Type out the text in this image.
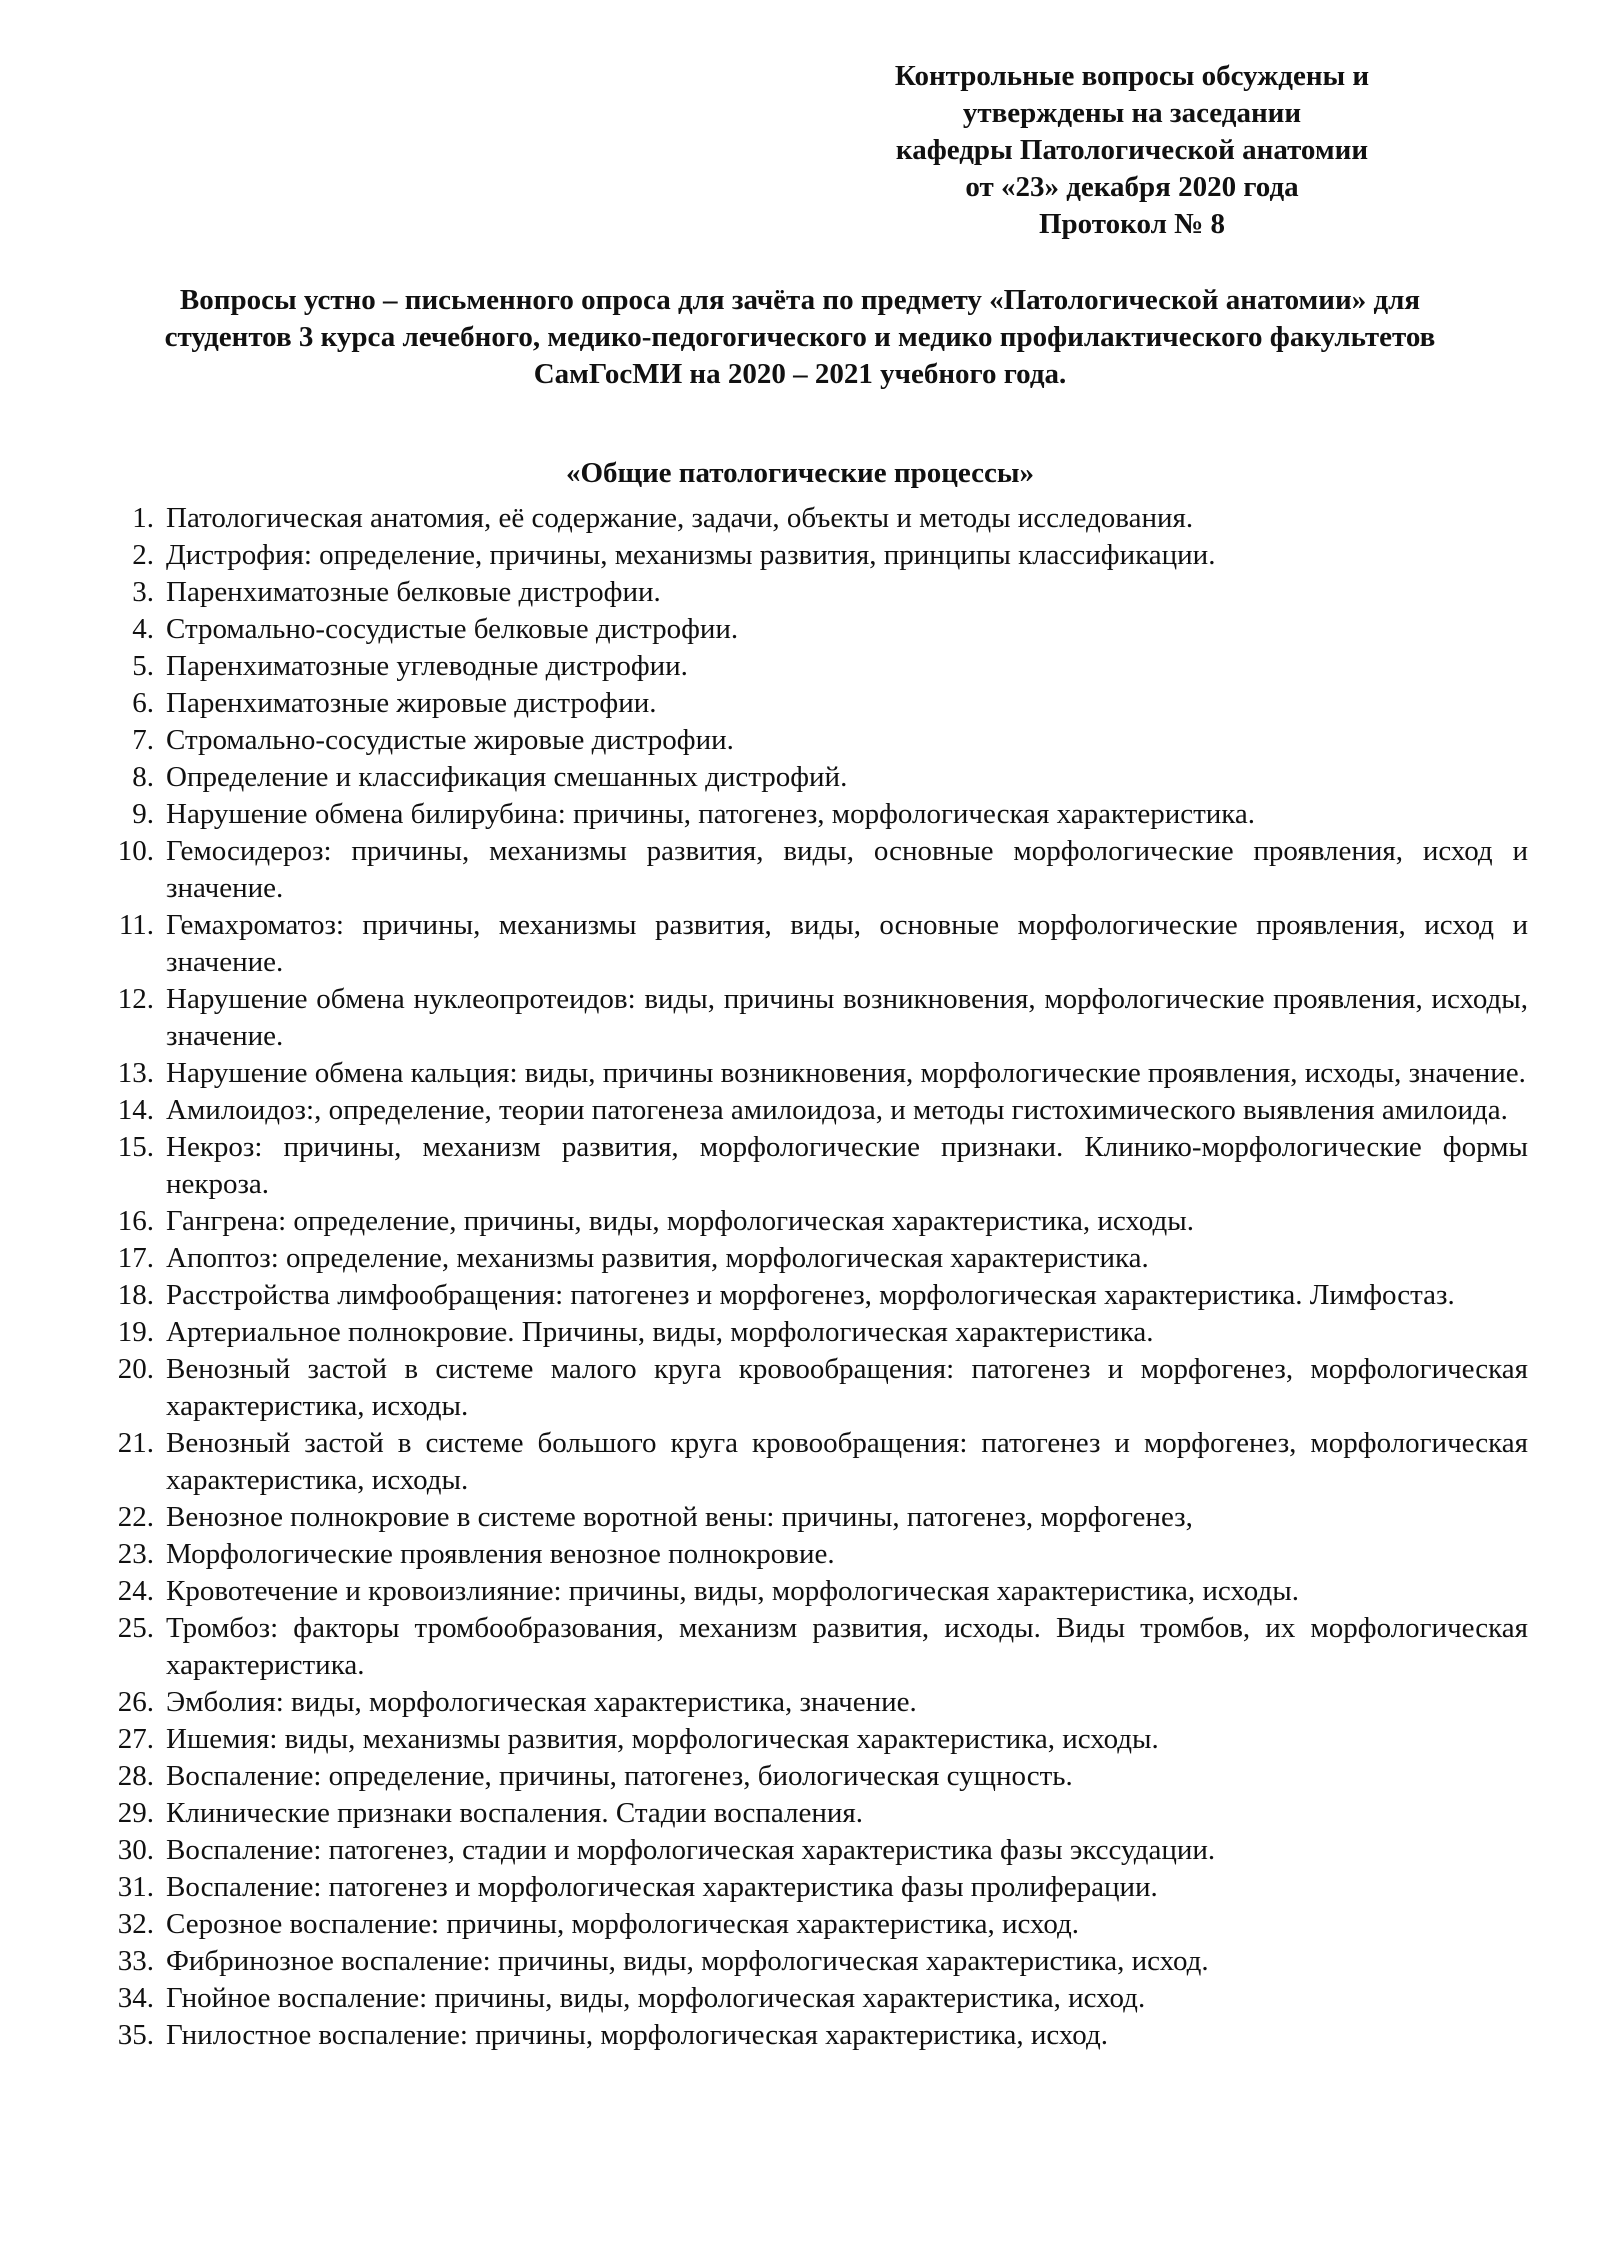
Контрольные вопросы обсуждены и
утверждены на заседании
кафедры Патологической анатомии
от «23» декабря 2020 года
Протокол № 8
Вопросы устно – письменного опроса для зачёта по предмету «Патологической анатомии» для
студентов 3 курса лечебного, медико-педогогического и медико профилактического факультетов
СамГосМИ на 2020 – 2021 учебного года.
«Общие патологические процессы»
1. Патологическая анатомия, её содержание, задачи, объекты и методы исследования.
2. Дистрофия: определение, причины, механизмы развития, принципы классификации.
3. Паренхиматозные белковые дистрофии.
4. Стромально-сосудистые белковые дистрофии.
5. Паренхиматозные углеводные дистрофии.
6. Паренхиматозные жировые дистрофии.
7. Стромально-сосудистые жировые дистрофии.
8. Определение и классификация смешанных дистрофий.
9. Нарушение обмена билирубина: причины, патогенез, морфологическая характеристика.
10. Гемосидероз: причины, механизмы развития, виды, основные морфологические проявления, исход и значение.
11. Гемахроматоз: причины, механизмы развития, виды, основные морфологические проявления, исход и значение.
12. Нарушение обмена нуклеопротеидов: виды, причины возникновения, морфологические проявления, исходы, значение.
13. Нарушение обмена кальция: виды, причины возникновения, морфологические проявления, исходы, значение.
14. Амилоидоз:, определение, теории патогенеза амилоидоза, и методы гистохимического выявления амилоида.
15. Некроз: причины, механизм развития, морфологические признаки. Клинико-морфологические формы некроза.
16. Гангрена: определение, причины, виды, морфологическая характеристика, исходы.
17. Апоптоз: определение, механизмы развития, морфологическая характеристика.
18. Расстройства лимфообращения: патогенез и морфогенез, морфологическая характеристика. Лимфостаз.
19. Артериальное полнокровие. Причины, виды, морфологическая характеристика.
20. Венозный застой в системе малого круга кровообращения: патогенез и морфогенез, морфологическая характеристика, исходы.
21. Венозный застой в системе большого круга кровообращения: патогенез и морфогенез, морфологическая характеристика, исходы.
22. Венозное полнокровие в системе воротной вены: причины, патогенез, морфогенез,
23. Морфологические проявления венозное полнокровие.
24. Кровотечение и кровоизлияние: причины, виды, морфологическая характеристика, исходы.
25. Тромбоз: факторы тромбообразования, механизм развития, исходы. Виды тромбов, их морфологическая характеристика.
26. Эмболия: виды, морфологическая характеристика, значение.
27. Ишемия: виды, механизмы развития, морфологическая характеристика, исходы.
28. Воспаление: определение, причины, патогенез, биологическая сущность.
29. Клинические признаки воспаления. Стадии воспаления.
30. Воспаление: патогенез, стадии и морфологическая характеристика фазы экссудации.
31. Воспаление: патогенез и морфологическая характеристика фазы пролиферации.
32. Серозное воспаление: причины, морфологическая характеристика, исход.
33. Фибринозное воспаление: причины, виды, морфологическая характеристика, исход.
34. Гнойное воспаление: причины, виды, морфологическая характеристика, исход.
35. Гнилостное воспаление: причины, морфологическая характеристика, исход.
